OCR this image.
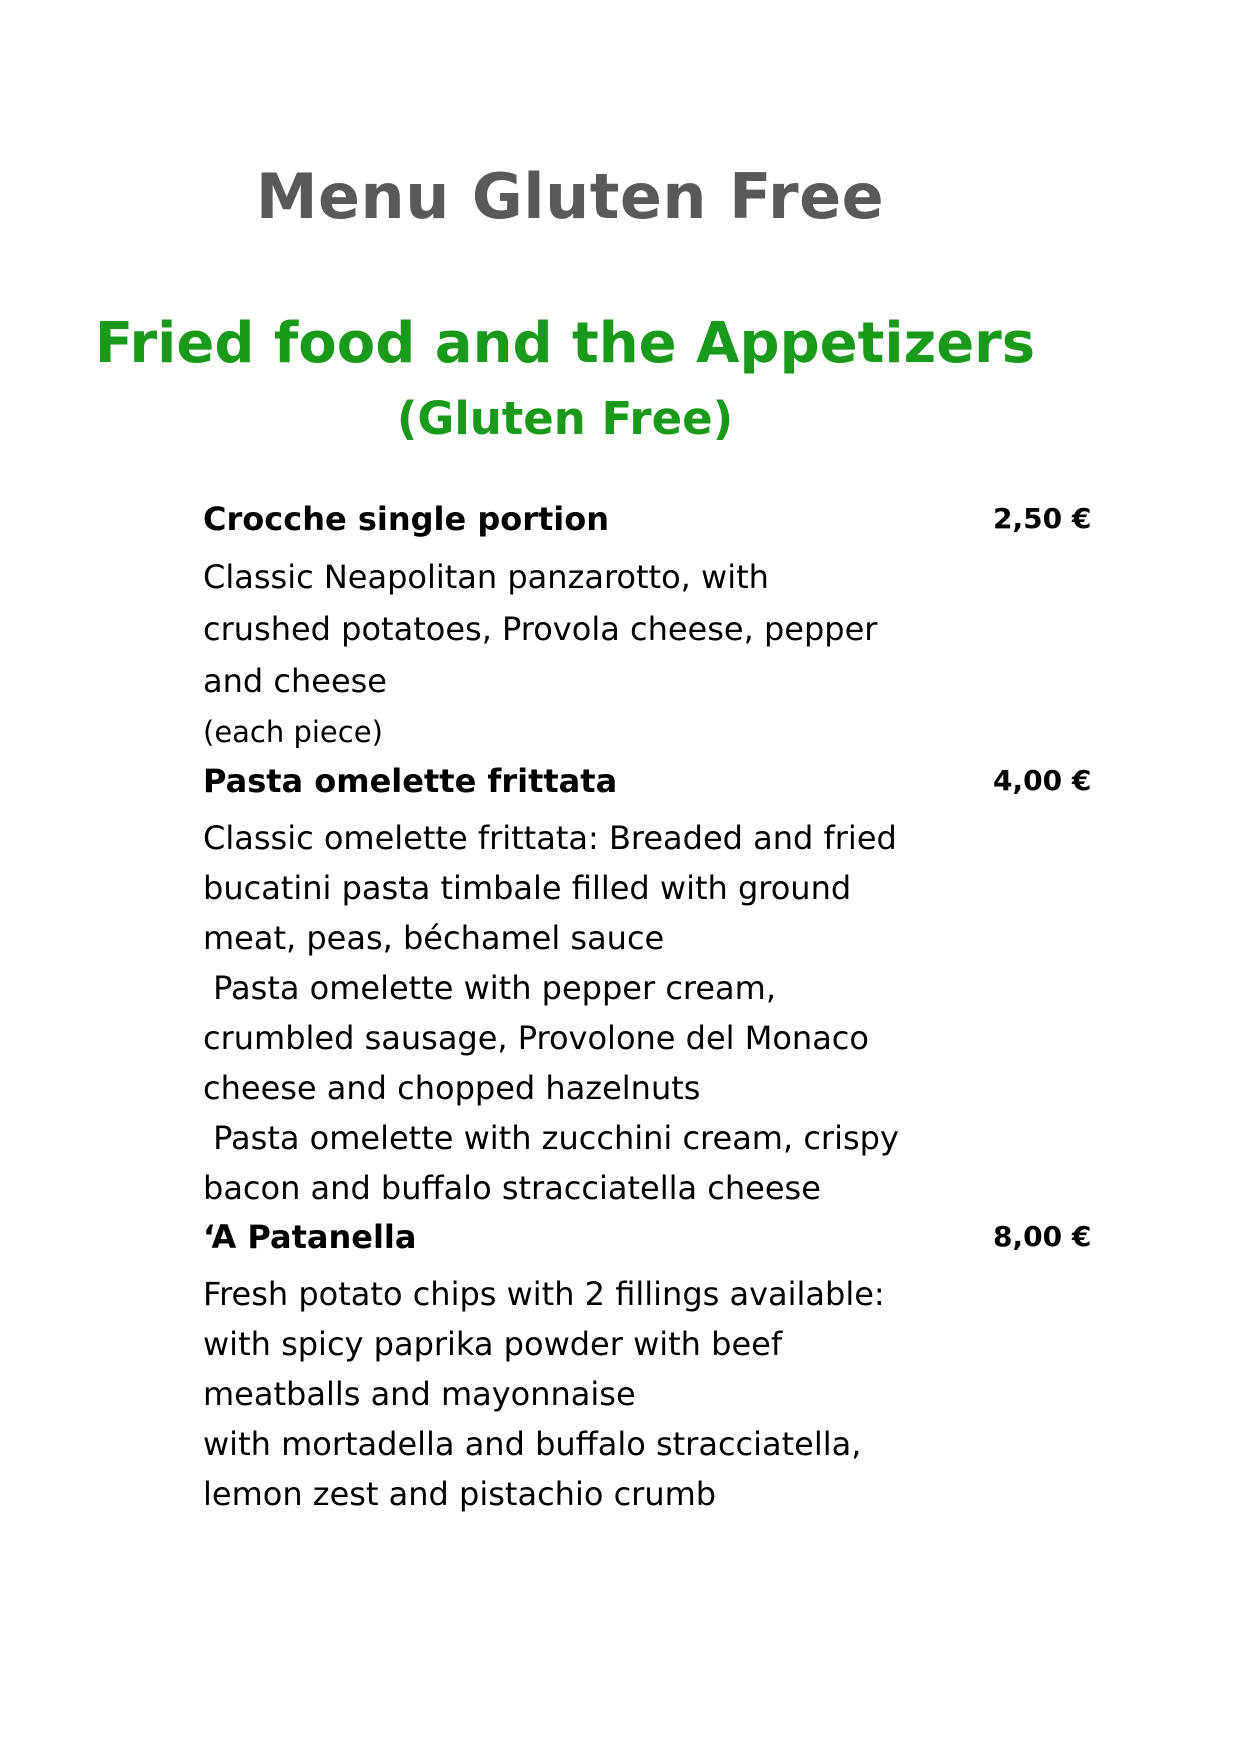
Menu Gluten Free
Fried food and the Appetizers
(Gluten Free)
Crocche single portion	2,50 €
Classic Neapolitan panzarotto, with
crushed potatoes, Provola cheese, pepper
and cheese
(each piece)
Pasta omelette frittata	4,00 €
Classic omelette frittata: Breaded and fried
bucatini pasta timbale filled with ground
meat, peas, béchamel sauce
Pasta omelette with pepper cream,
crumbled sausage, Provolone del Monaco
cheese and chopped hazelnuts
Pasta omelette with zucchini cream, crispy
bacon and buffalo stracciatella cheese
‘A Patanella	8,00 €
Fresh potato chips with 2 fillings available:
with spicy paprika powder with beef
meatballs and mayonnaise
with mortadella and buffalo stracciatella,
lemon zest and pistachio crumb
